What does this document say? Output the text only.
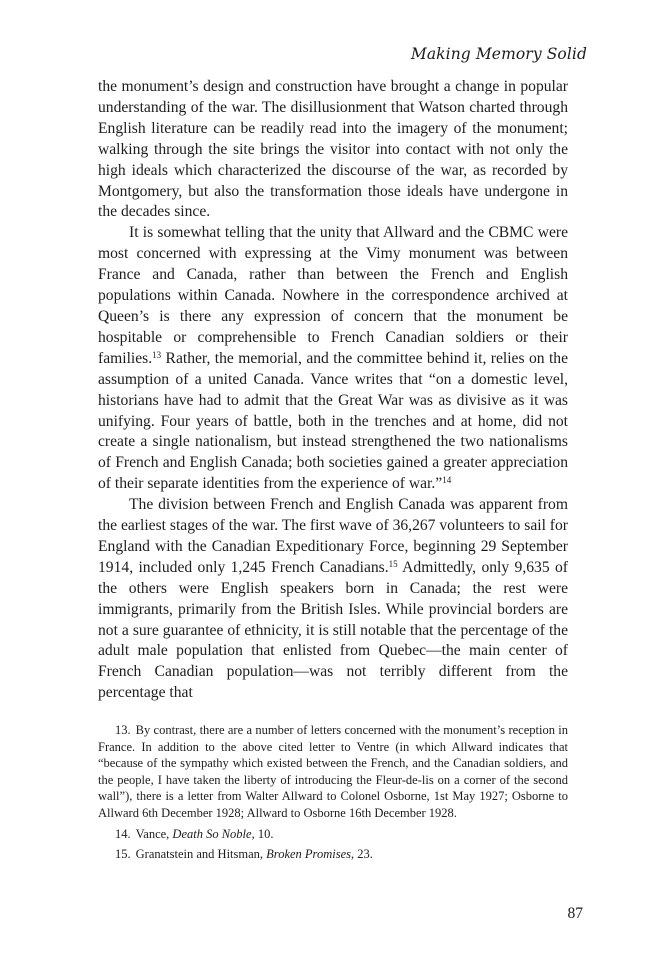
Making Memory Solid

the monument’s design and construction have brought a change in popular understanding of the war. The disillusionment that Watson charted through English literature can be readily read into the imagery of the monument; walking through the site brings the visitor into contact with not only the high ideals which characterized the discourse of the war, as recorded by Montgomery, but also the transformation those ideals have undergone in the decades since.

It is somewhat telling that the unity that Allward and the CBMC were most concerned with expressing at the Vimy monument was between France and Canada, rather than between the French and English populations within Canada. Nowhere in the correspondence archived at Queen’s is there any expression of concern that the monument be hospitable or comprehensible to French Canadian soldiers or their families.$^{13}$ Rather, the memorial, and the committee behind it, relies on the assumption of a united Canada. Vance writes that “on a domestic level, historians have had to admit that the Great War was as divisive as it was unifying. Four years of battle, both in the trenches and at home, did not create a single nationalism, but instead strengthened the two nationalisms of French and English Canada; both societies gained a greater appreciation of their separate identities from the experience of war.”$^{14}$

The division between French and English Canada was apparent from the earliest stages of the war. The first wave of 36,267 volunteers to sail for England with the Canadian Expeditionary Force, beginning 29 September 1914, included only 1,245 French Canadians.$^{15}$ Admittedly, only 9,635 of the others were English speakers born in Canada; the rest were immigrants, primarily from the British Isles. While provincial borders are not a sure guarantee of ethnicity, it is still notable that the percentage of the adult male population that enlisted from Quebec—the main center of French Canadian population—was not terribly different from the percentage that

13. By contrast, there are a number of letters concerned with the monument’s reception in France. In addition to the above cited letter to Ventre (in which Allward indicates that “because of the sympathy which existed between the French, and the Canadian soldiers, and the people, I have taken the liberty of introducing the Fleur-de-lis on a corner of the second wall”), there is a letter from Walter Allward to Colonel Osborne, 1st May 1927; Osborne to Allward 6th December 1928; Allward to Osborne 16th December 1928.

14. Vance, Death So Noble, 10.

15. Granatstein and Hitsman, Broken Promises, 23.

87
